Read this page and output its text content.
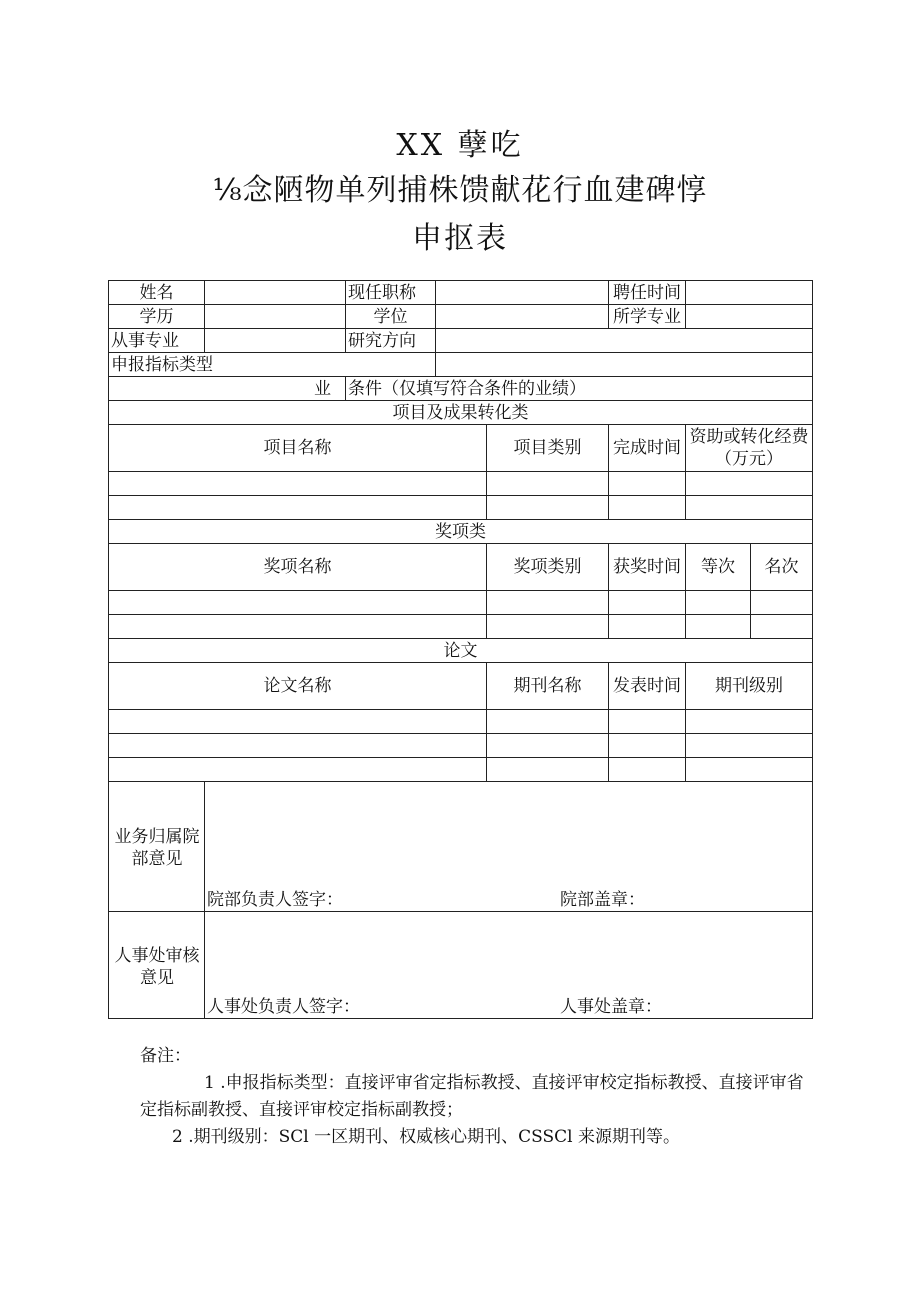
XX 孽吃
⅛念陋物单列捕株馈献花行血建碑惇
申抠表
姓名		现任职称			聘任时间		
学历		学位			所学专业		
从事专业		研究方向					
申报指标类型							
业		条件（仅填写符合条件的业绩）					
项目及成果转化类							
项目名称				项目类别	完成时间	资助或转化经费（万元）	

奖项类							
奖项名称				奖项类别	获奖时间	等次	名次

论文							
论文名称				期刊名称	发表时间	期刊级别	

业务归属院部意见	院部负责人签字： 院部盖章：						

人事处审核意见	人事处负责人签字： 人事处盖章：						
备注：
1 .申报指标类型：直接评审省定指标教授、直接评审校定指标教授、直接评审省定指标副教授、直接评审校定指标副教授；
2 .期刊级别：SCl 一区期刊、权威核心期刊、CSSCl 来源期刊等。
